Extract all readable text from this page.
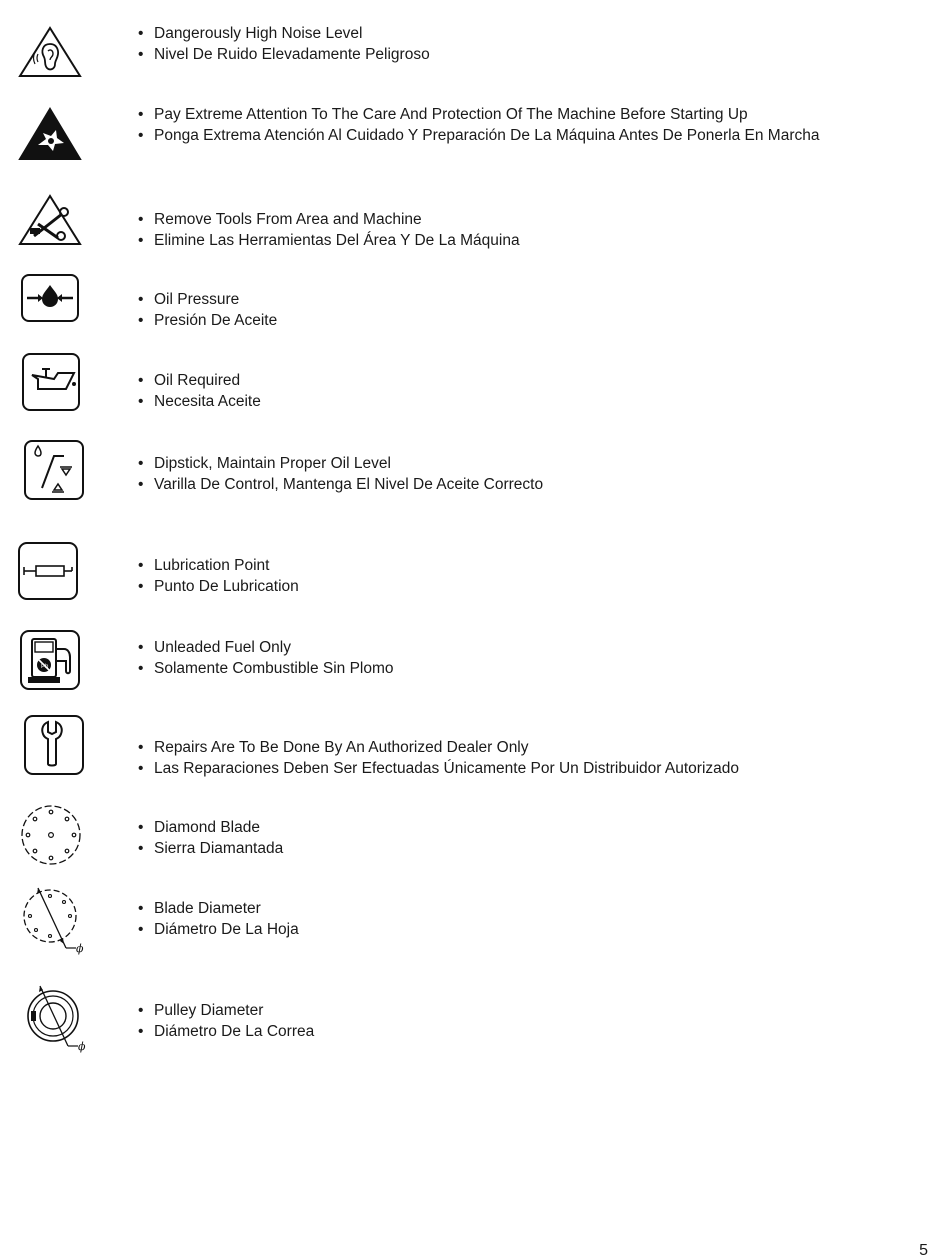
• Dangerously High Noise Level
• Nivel De Ruido Elevadamente Peligroso
• Pay Extreme Attention To The Care And Protection Of The Machine Before Starting Up
• Ponga Extrema Atención Al Cuidado Y Preparación De La Máquina Antes De Ponerla En Marcha
• Remove Tools From Area and Machine
• Elimine Las Herramientas Del Área Y De La Máquina
• Oil Pressure
• Presión De Aceite
• Oil Required
• Necesita Aceite
• Dipstick, Maintain Proper Oil Level
• Varilla De Control, Mantenga El Nivel De Aceite Correcto
• Lubrication Point
• Punto De Lubrication
Pb
• Unleaded Fuel Only
• Solamente Combustible Sin Plomo
• Repairs Are To Be Done By An Authorized Dealer Only
• Las Reparaciones Deben Ser Efectuadas Únicamente Por Un Distribuidor Autorizado
• Diamond Blade
• Sierra Diamantada
ϕ
• Blade Diameter
• Diámetro De La Hoja
ϕ
• Pulley Diameter
• Diámetro De La Correa
5
